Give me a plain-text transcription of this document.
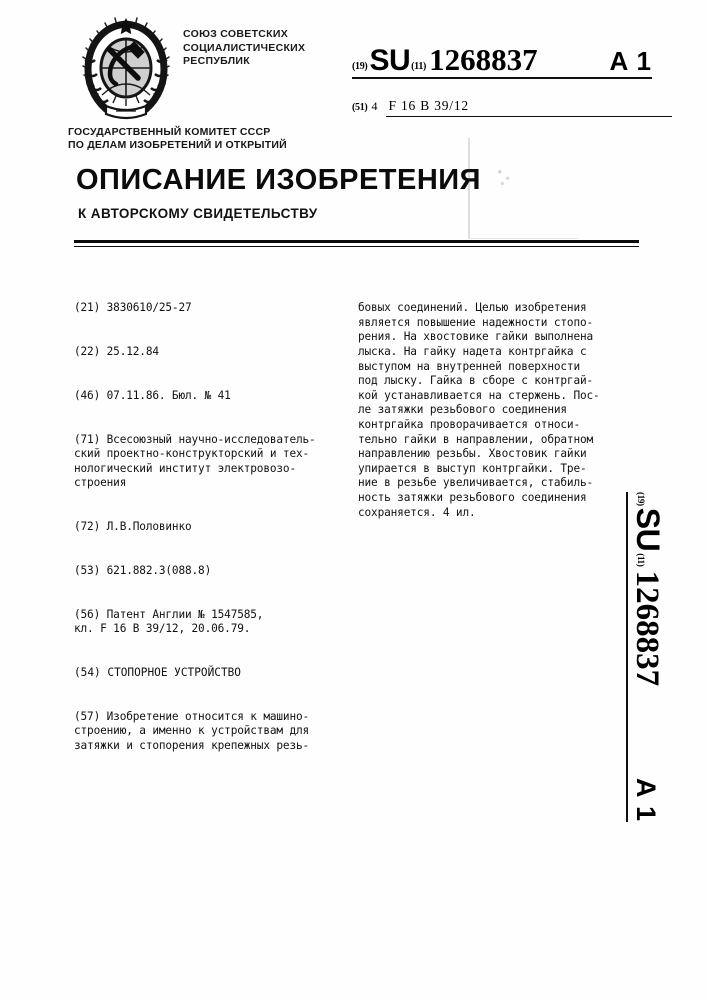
СОЮЗ СОВЕТСКИХ
СОЦИАЛИСТИЧЕСКИХ
РЕСПУБЛИК	(19) SU (11) 1268837	A 1
(51) 4 F 16 B 39/12
ГОСУДАРСТВЕННЫЙ КОМИТЕТ СССР
ПО ДЕЛАМ ИЗОБРЕТЕНИЙ И ОТКРЫТИЙ
ОПИСАНИЕ ИЗОБРЕТЕНИЯ
К АВТОРСКОМУ СВИДЕТЕЛЬСТВУ

(21) 3830610/25-27

(22) 25.12.84

(46) 07.11.86. Бюл. № 41

(71) Всесоюзный научно-исследователь-
ский проектно-конструкторский и тех-
нологический институт электровозо-
строения

(72) Л.В.Половинко

(53) 621.882.3(088.8)

(56) Патент Англии № 1547585,
кл. F 16 B 39/12, 20.06.79.

(54) СТОПОРНОЕ УСТРОЙСТВО

(57) Изобретение относится к машино-
строению, а именно к устройствам для
затяжки и стопорения крепежных резь-

бовых соединений. Целью изобретения
является повышение надежности стопо-
рения. На хвостовике гайки выполнена
лыска. На гайку надета контргайка с
выступом на внутренней поверхности
под лыску. Гайка в сборе с контргай-
кой устанавливается на стержень. Пос-
ле затяжки резьбового соединения
контргайка проворачивается относи-
тельно гайки в направлении, обратном
направлению резьбы. Хвостовик гайки
упирается в выступ контргайки. Тре-
ние в резьбе увеличивается, стабиль-
ность затяжки резьбового соединения
сохраняется. 4 ил.

(19)
SU
(11)
1268837
A 1
